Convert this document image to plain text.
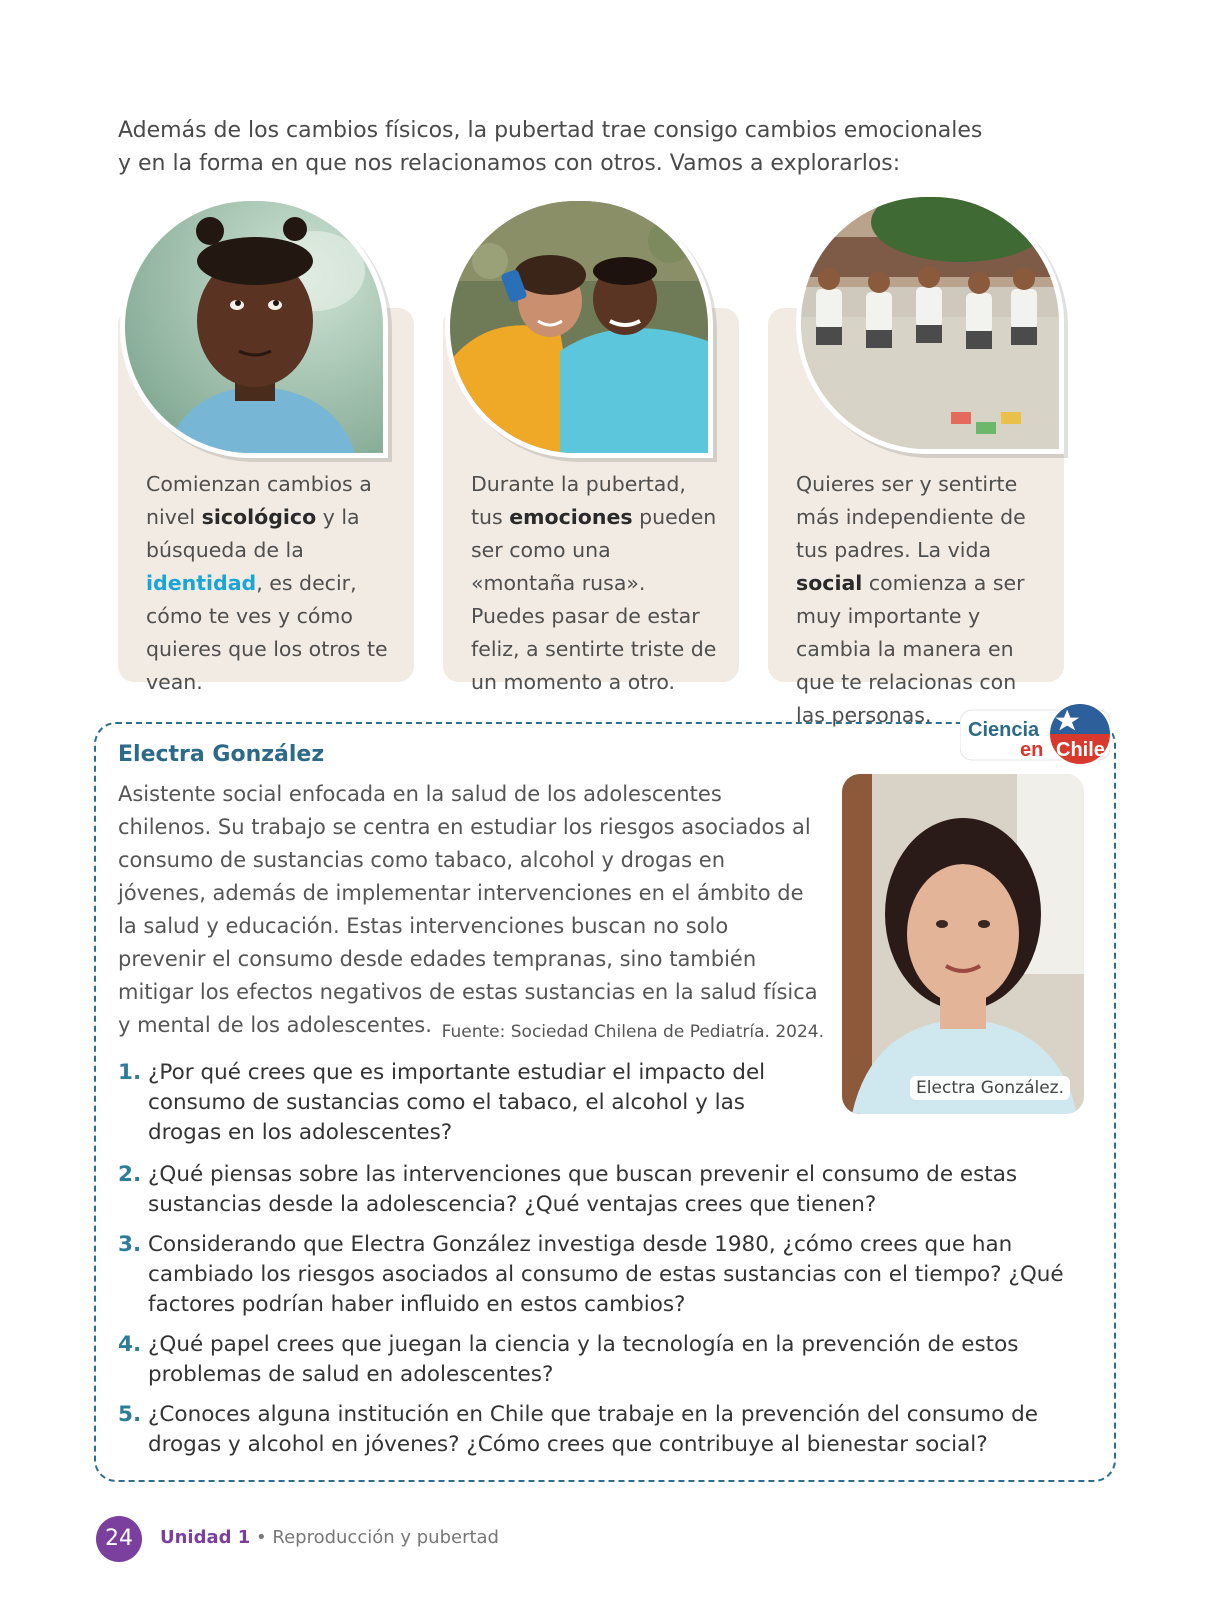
Además de los cambios físicos, la pubertad trae consigo cambios emocionales
y en la forma en que nos relacionamos con otros. Vamos a explorarlos:
Comienzan cambios a nivel sicológico y la búsqueda de la identidad, es decir, cómo te ves y cómo quieres que los otros te vean.
Durante la pubertad, tus emociones pueden ser como una «montaña rusa». Puedes pasar de estar feliz, a sentirte triste de un momento a otro.
Quieres ser y sentirte más independiente de tus padres. La vida social comienza a ser muy importante y cambia la manera en que te relacionas con las personas.
Ciencia
en Chile
Electra González
Asistente social enfocada en la salud de los adolescentes chilenos. Su trabajo se centra en estudiar los riesgos asociados al consumo de sustancias como tabaco, alcohol y drogas en jóvenes, además de implementar intervenciones en el ámbito de la salud y educación. Estas intervenciones buscan no solo prevenir el consumo desde edades tempranas, sino también mitigar los efectos negativos de estas sustancias en la salud física y mental de los adolescentes. Fuente: Sociedad Chilena de Pediatría. 2024.
Electra González.
1. ¿Por qué crees que es importante estudiar el impacto del consumo de sustancias como el tabaco, el alcohol y las drogas en los adolescentes?
2. ¿Qué piensas sobre las intervenciones que buscan prevenir el consumo de estas sustancias desde la adolescencia? ¿Qué ventajas crees que tienen?
3. Considerando que Electra González investiga desde 1980, ¿cómo crees que han cambiado los riesgos asociados al consumo de estas sustancias con el tiempo? ¿Qué factores podrían haber influido en estos cambios?
4. ¿Qué papel crees que juegan la ciencia y la tecnología en la prevención de estos problemas de salud en adolescentes?
5. ¿Conoces alguna institución en Chile que trabaje en la prevención del consumo de drogas y alcohol en jóvenes? ¿Cómo crees que contribuye al bienestar social?
24	Unidad 1 • Reproducción y pubertad
